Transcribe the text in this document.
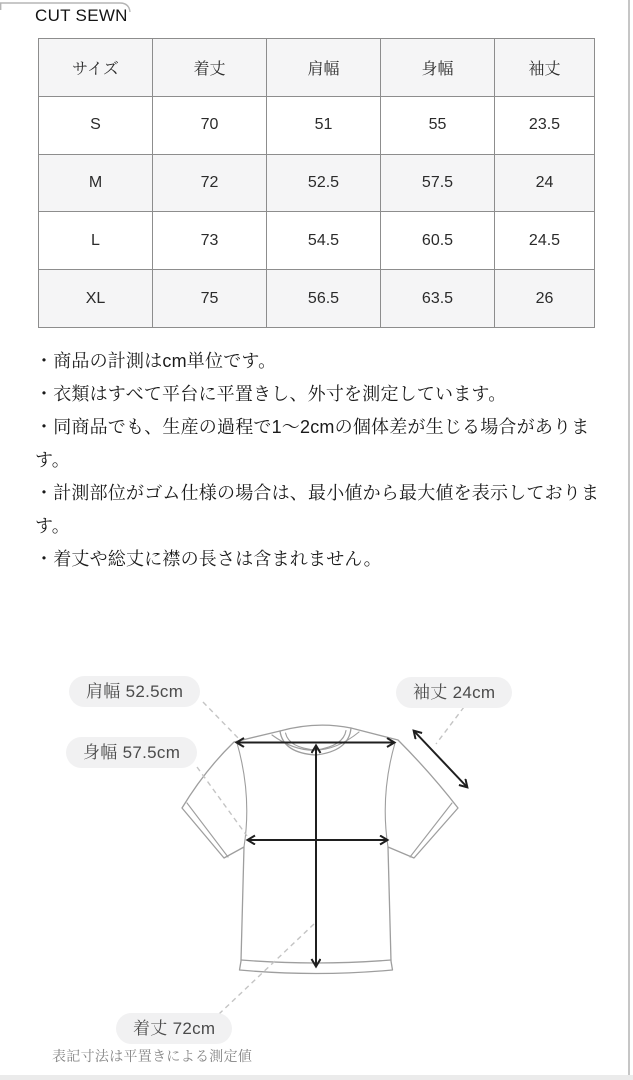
CUT SEWN
サイズ	着丈	肩幅	身幅	袖丈
S	70	51	55	23.5
M	72	52.5	57.5	24
L	73	54.5	60.5	24.5
XL	75	56.5	63.5	26

・商品の計測はcm単位です。

・衣類はすべて平台に平置きし、外寸を測定しています。

・同商品でも、生産の過程で1〜2cmの個体差が生じる場合があります。

・計測部位がゴム仕様の場合は、最小値から最大値を表示しております。

・着丈や総丈に襟の長さは含まれません。

肩幅 52.5cm
身幅 57.5cm
袖丈 24cm
着丈 72cm
表記寸法は平置きによる測定値
